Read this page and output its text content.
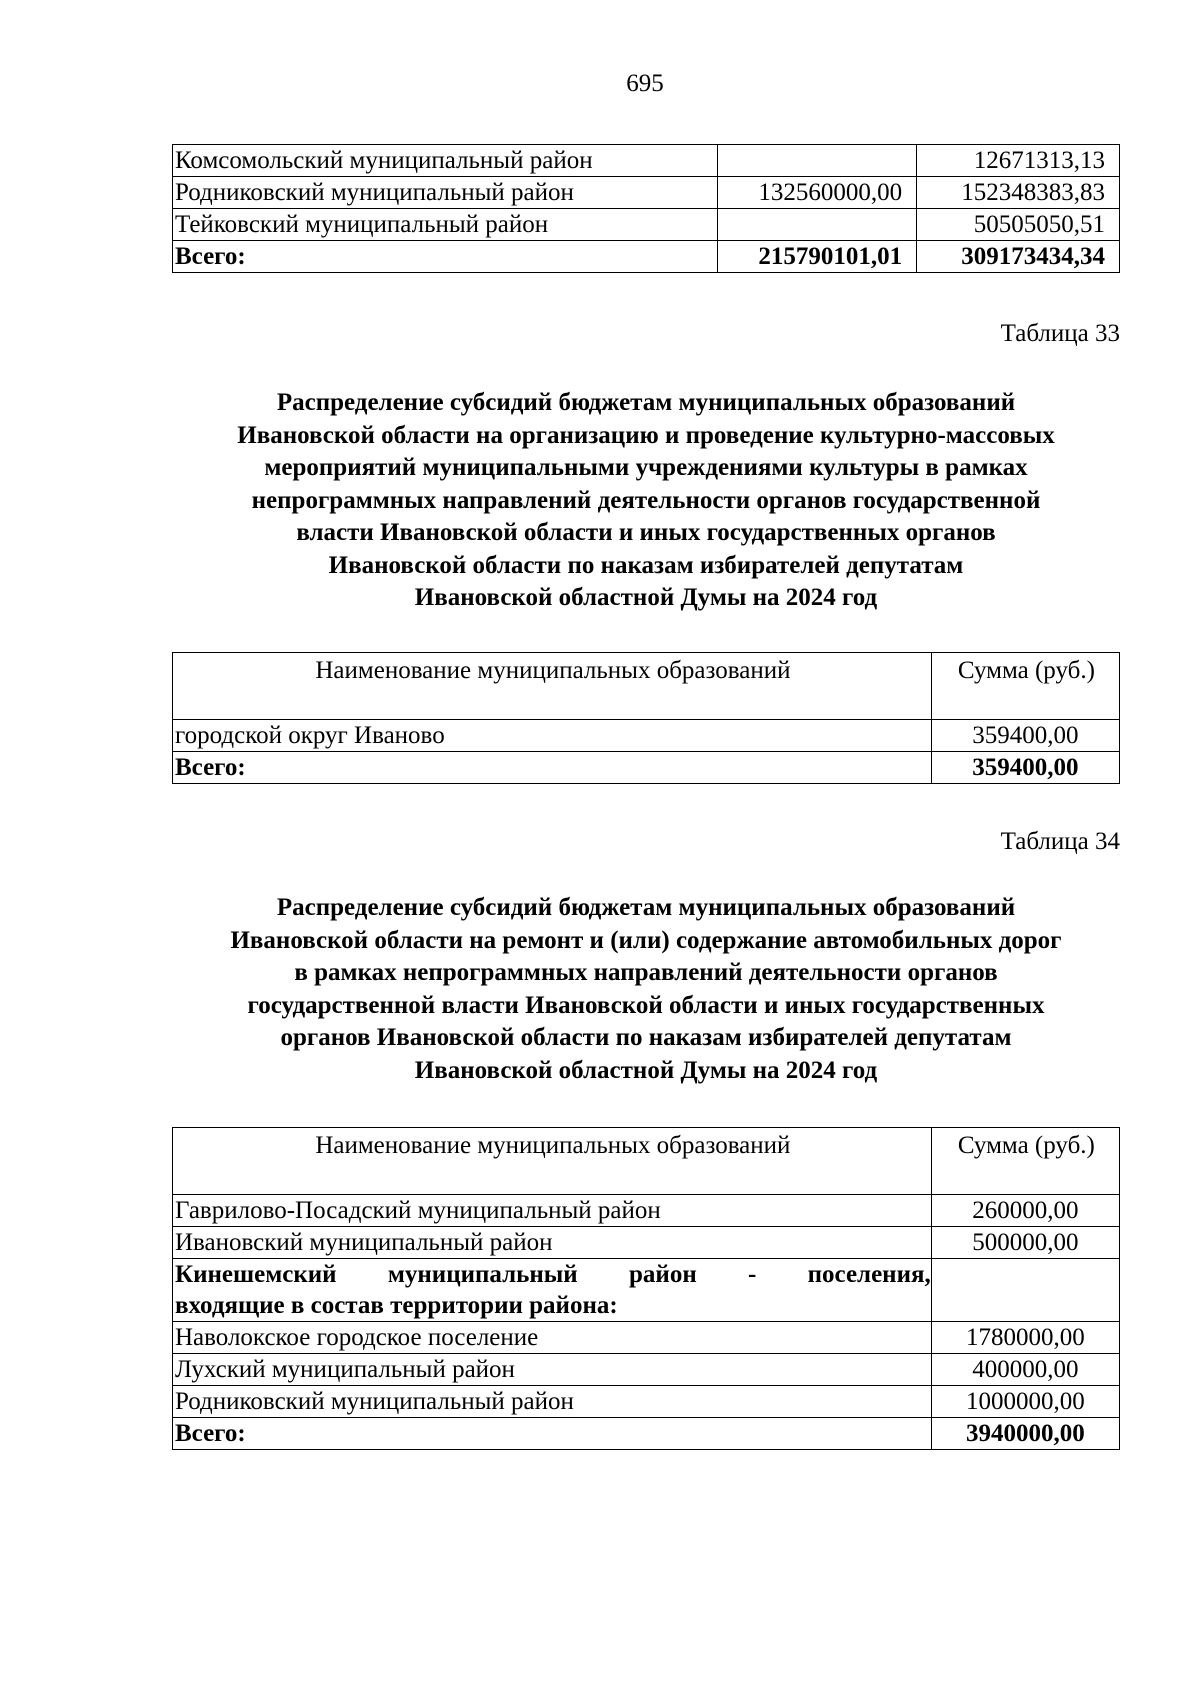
695
Комсомольский муниципальный район		12671313,13
Родниковский муниципальный район	132560000,00	152348383,83
Тейковский муниципальный район		50505050,51
Всего:	215790101,01	309173434,34
Таблица 33
Распределение субсидий бюджетам муниципальных образований
Ивановской области на организацию и проведение культурно-массовых
мероприятий муниципальными учреждениями культуры в рамках
непрограммных направлений деятельности органов государственной
власти Ивановской области и иных государственных органов
Ивановской области по наказам избирателей депутатам
Ивановской областной Думы на 2024 год
Наименование муниципальных образований	Сумма (руб.)
городской округ Иваново	359400,00
Всего:	359400,00
Таблица 34
Распределение субсидий бюджетам муниципальных образований
Ивановской области на ремонт и (или) содержание автомобильных дорог
в рамках непрограммных направлений деятельности органов
государственной власти Ивановской области и иных государственных
органов Ивановской области по наказам избирателей депутатам
Ивановской областной Думы на 2024 год
Наименование муниципальных образований	Сумма (руб.)
Гаврилово-Посадский муниципальный район	260000,00
Ивановский муниципальный район	500000,00

Кинешемский муниципальный район - поселения,
входящие в состав территории района:	

Наволокское городское поселение	1780000,00
Лухский муниципальный район	400000,00
Родниковский муниципальный район	1000000,00
Всего:	3940000,00
